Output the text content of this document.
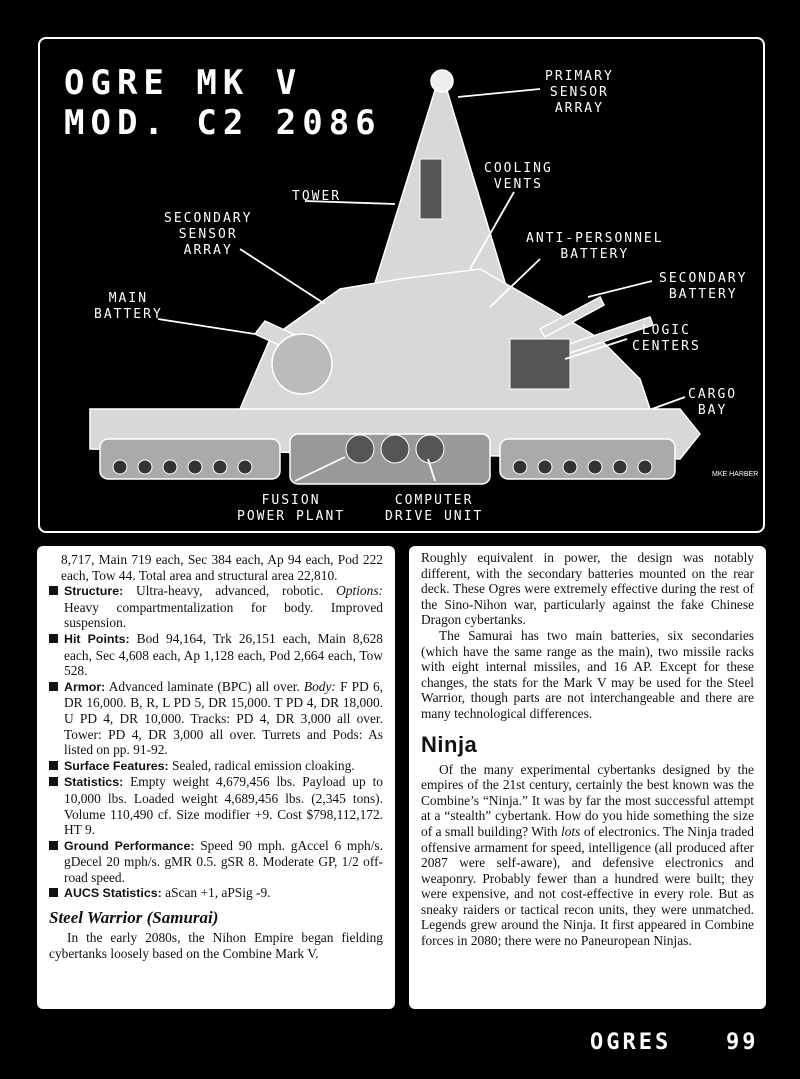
OGRE MK V
MOD. C2 2086
PRIMARY
SENSOR
ARRAY
COOLING
VENTS
TOWER
SECONDARY
SENSOR
ARRAY
ANTI-PERSONNEL
BATTERY
SECONDARY
BATTERY
MAIN
BATTERY
LOGIC
CENTERS
CARGO
BAY
FUSION
POWER PLANT
COMPUTER
DRIVE UNIT
MKE HARBER

8,717, Main 719 each, Sec 384 each, Ap 94 each, Pod 222 each, Tow 44. Total area and structural area 22,810.

Structure: Ultra-heavy, advanced, robotic. Options: Heavy compartmentalization for body. Improved suspension.
Hit Points: Bod 94,164, Trk 26,151 each, Main 8,628 each, Sec 4,608 each, Ap 1,128 each, Pod 2,664 each, Tow 528.
Armor: Advanced laminate (BPC) all over. Body: F PD 6, DR 16,000. B, R, L PD 5, DR 15,000. T PD 4, DR 18,000. U PD 4, DR 10,000. Tracks: PD 4, DR 3,000 all over. Tower: PD 4, DR 3,000 all over. Turrets and Pods: As listed on pp. 91-92.
Surface Features: Sealed, radical emission cloaking.
Statistics: Empty weight 4,679,456 lbs. Payload up to 10,000 lbs. Loaded weight 4,689,456 lbs. (2,345 tons). Volume 110,490 cf. Size modifier +9. Cost $798,112,172. HT 9.
Ground Performance: Speed 90 mph. gAccel 6 mph/s. gDecel 20 mph/s. gMR 0.5. gSR 8. Moderate GP, 1/2 off-road speed.
AUCS Statistics: aScan +1, aPSig -9.
Steel Warrior (Samurai)

In the early 2080s, the Nihon Empire began fielding cybertanks loosely based on the Combine Mark V.

Roughly equivalent in power, the design was notably different, with the secondary batteries mounted on the rear deck. These Ogres were extremely effective during the rest of the Sino-Nihon war, particularly against the fake Chinese Dragon cybertanks.

The Samurai has two main batteries, six secondaries (which have the same range as the main), two missile racks with eight internal missiles, and 16 AP. Except for these changes, the stats for the Mark V may be used for the Steel Warrior, though parts are not interchangeable and there are many technological differences.

Ninja

Of the many experimental cybertanks designed by the empires of the 21st century, certainly the best known was the Combine’s “Ninja.” It was by far the most successful attempt at a “stealth” cybertank. How do you hide something the size of a small building? With lots of electronics. The Ninja traded offensive armament for speed, intelligence (all produced after 2087 were self-aware), and defensive electronics and weaponry. Probably fewer than a hundred were built; they were expensive, and not cost-effective in every role. But as sneaky raiders or tactical recon units, they were unmatched. Legends grew around the Ninja. It first appeared in Combine forces in 2080; there were no Paneuropean Ninjas.

OGRES 99
